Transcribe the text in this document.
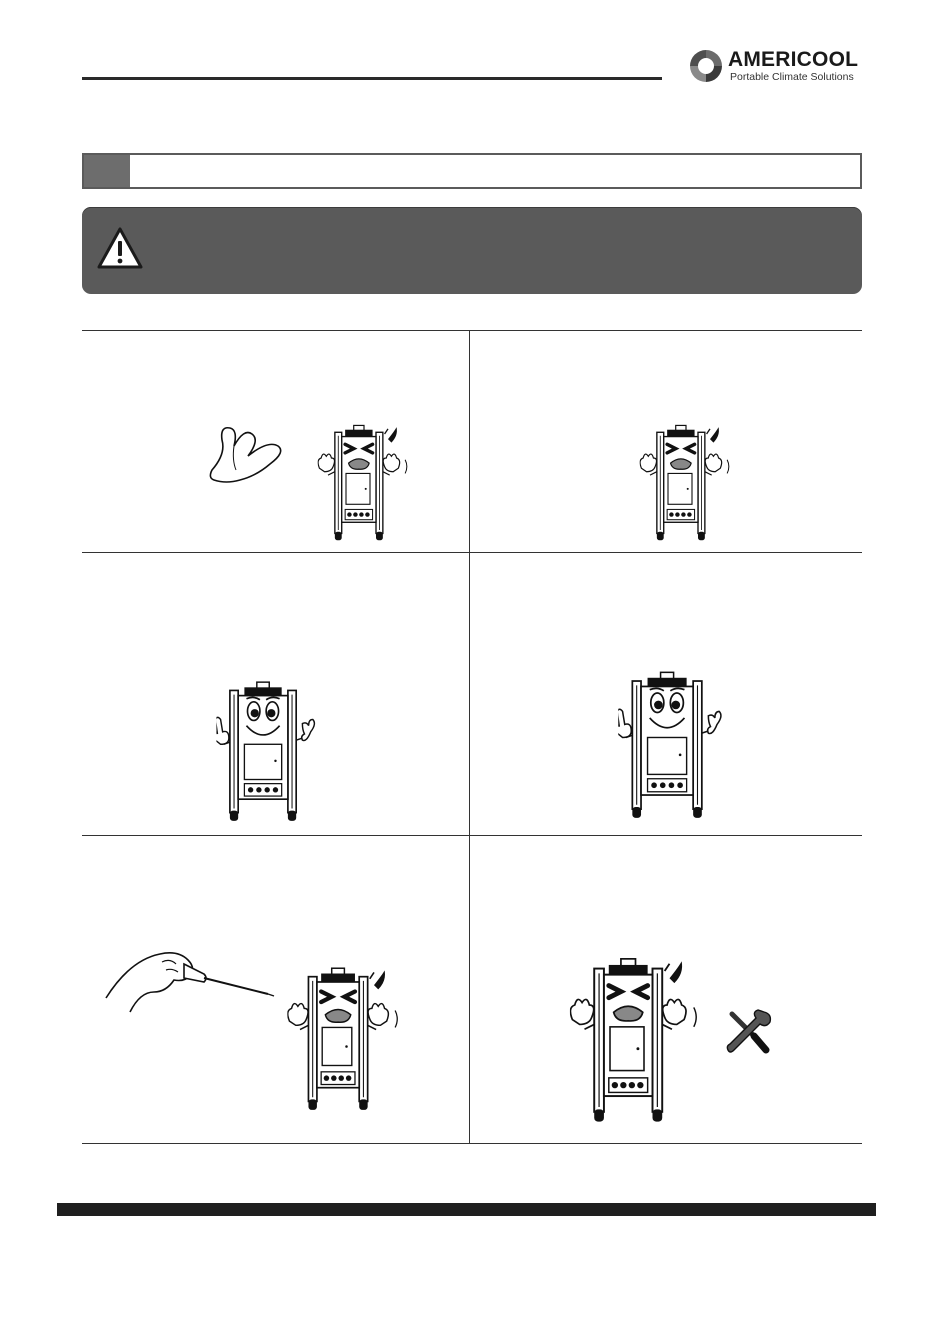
AMERICOOL
Portable Climate Solutions
